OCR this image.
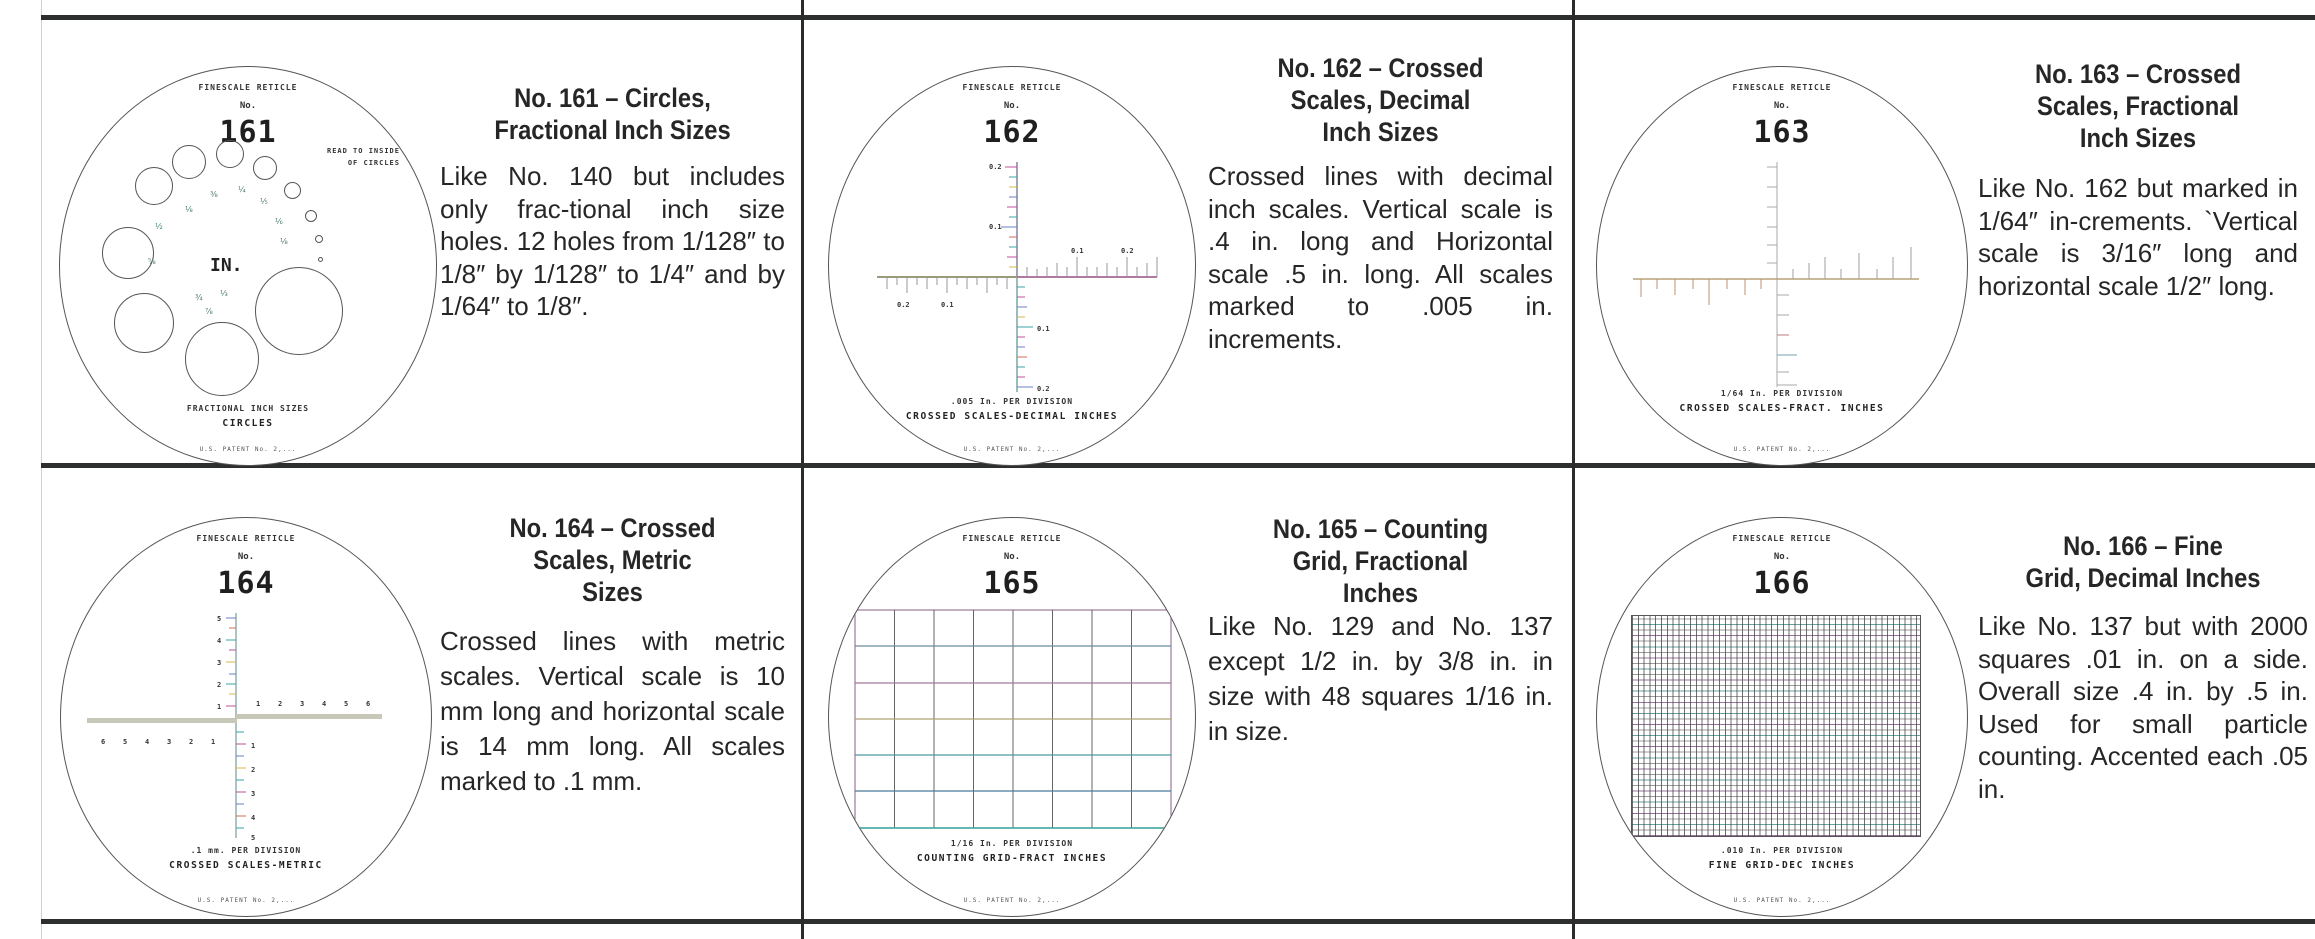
FINESCALE RETICLE
No.
161
READ TO INSIDE
OF CIRCLES
⅛
⅜
¼
⅕
⅙
⅛
½
⅝
⅓
¾
⅞
IN.
FRACTIONAL INCH SIZES
CIRCLES
U.S. PATENT No. 2,...
No. 161 – Circles,
Fractional Inch Sizes
Like No. 140 but includes only frac-tional inch size holes. 12 holes from 1/128″ to 1/8″ by 1/128″ to 1/4″ and by 1/64″ to 1/8″.
FINESCALE RETICLE
No.
162
0.2
0.1
0.1	0.2
0.2	0.1
0.1
0.2
.005 In. PER DIVISION
CROSSED SCALES-DECIMAL INCHES
U.S. PATENT No. 2,...
No. 162 – Crossed
Scales, Decimal
Inch Sizes
Crossed lines with decimal inch scales. Vertical scale is .4 in. long and Horizontal scale .5 in. long. All scales marked to .005 in. increments.
FINESCALE RETICLE
No.
163
1/64 In. PER DIVISION
CROSSED SCALES-FRACT. INCHES
U.S. PATENT No. 2,...
No. 163 – Crossed
Scales, Fractional
Inch Sizes
Like No. 162 but marked in 1/64″ in-crements. `Vertical scale is 3/16″ long and horizontal scale 1/2″ long.
FINESCALE RETICLE
No.
164
5
4
3
2
1	1	2	3	4	5	6
6	5	4	3	2	1	1
2
3
4
5
.1 mm. PER DIVISION
CROSSED SCALES-METRIC
U.S. PATENT No. 2,...
No. 164 – Crossed
Scales, Metric
Sizes
Crossed lines with metric scales. Vertical scale is 10 mm long and horizontal scale is 14 mm long. All scales marked to .1 mm.
FINESCALE RETICLE
No.
165
1/16 In. PER DIVISION
COUNTING GRID-FRACT INCHES
U.S. PATENT No. 2,...
No. 165 – Counting
Grid, Fractional
Inches
Like No. 129 and No. 137 except 1/2 in. by 3/8 in. in size with 48 squares 1/16 in. in size.
FINESCALE RETICLE
No.
166
.010 In. PER DIVISION
FINE GRID-DEC INCHES
U.S. PATENT No. 2,...
No. 166 – Fine
Grid, Decimal Inches
Like No. 137 but with 2000 squares .01 in. on a side. Overall size .4 in. by .5 in. Used for small particle counting. Accented each .05 in.
